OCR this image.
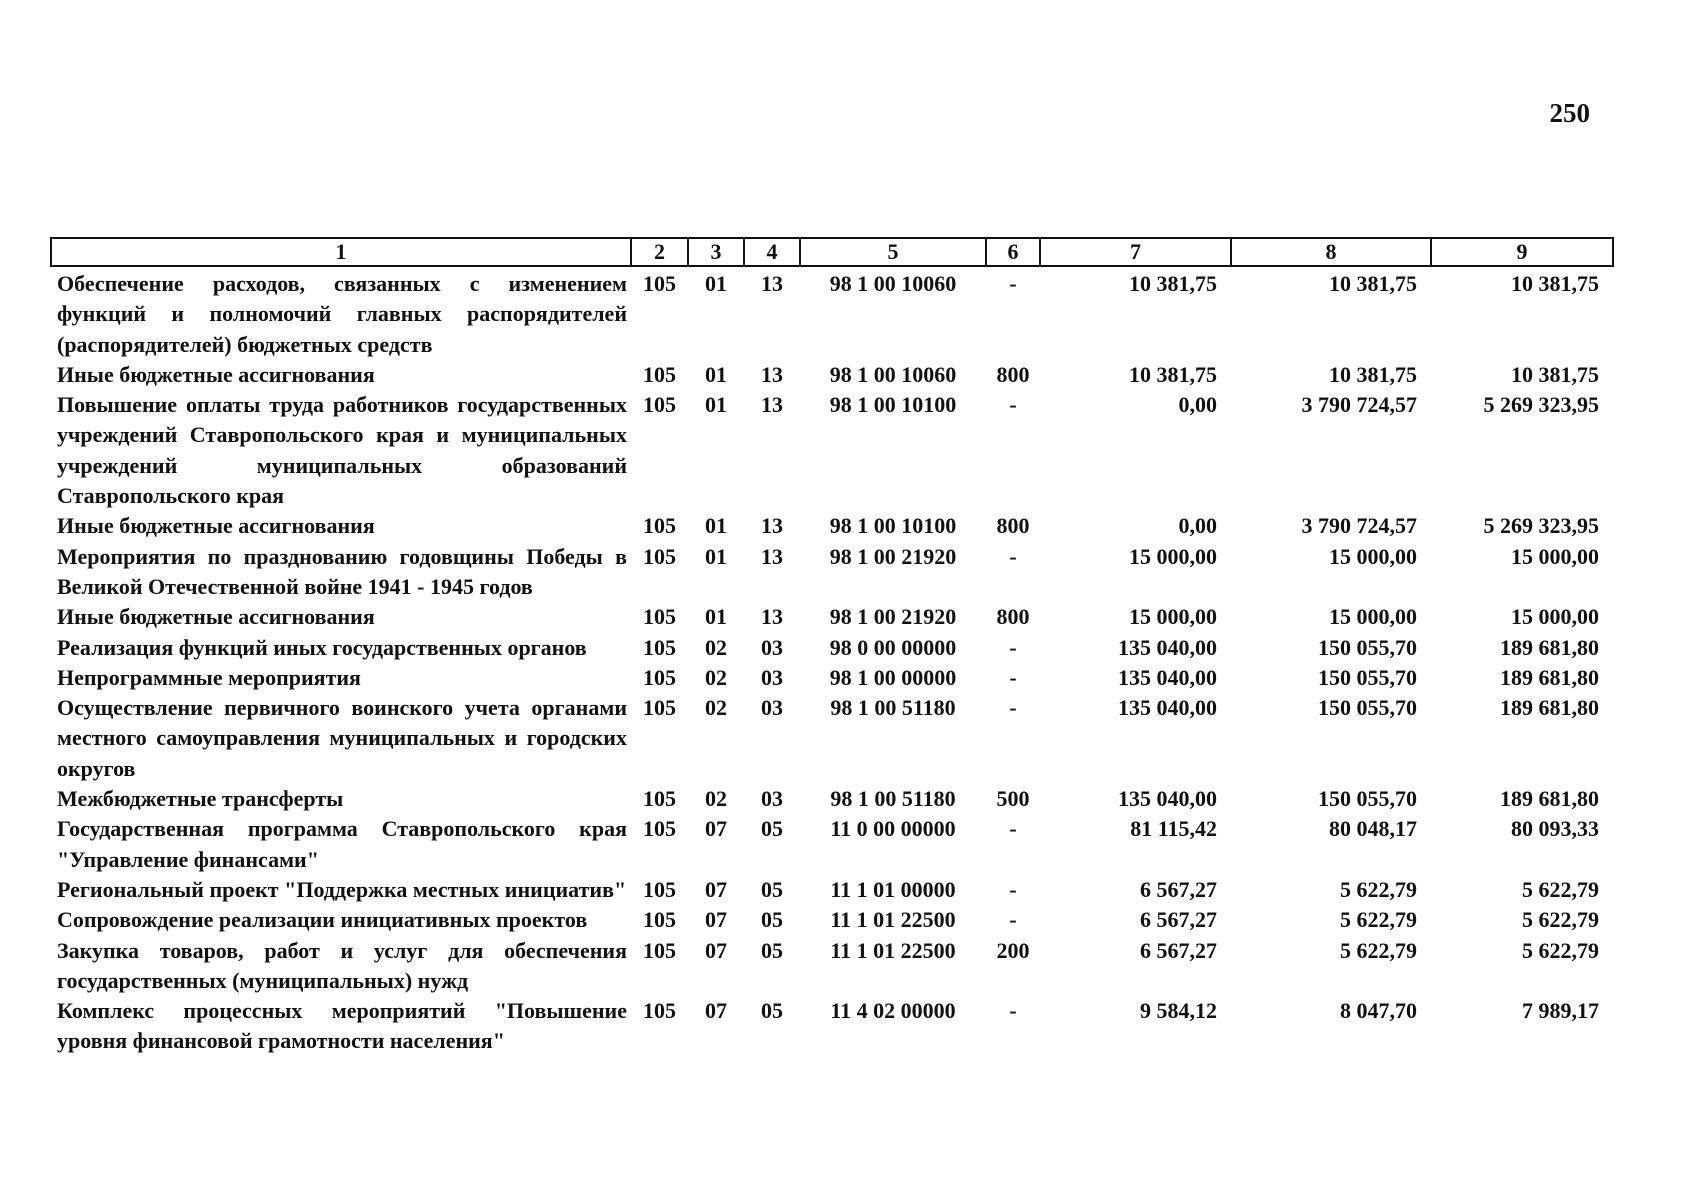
250
1	2	3	4	5	6	7	8	9
Обеспечение расходов, связанных с изменением функций и полномочий главных распорядителей (распорядителей) бюджетных средств	105	01	13	98 1 00 10060	-	10 381,75	10 381,75	10 381,75
Иные бюджетные ассигнования	105	01	13	98 1 00 10060	800	10 381,75	10 381,75	10 381,75
Повышение оплаты труда работников государственных учреждений Ставропольского края и муниципальных учреждений муниципальных образований Ставропольского края	105	01	13	98 1 00 10100	-	0,00	3 790 724,57	5 269 323,95
Иные бюджетные ассигнования	105	01	13	98 1 00 10100	800	0,00	3 790 724,57	5 269 323,95
Мероприятия по празднованию годовщины Победы в Великой Отечественной войне 1941 - 1945 годов	105	01	13	98 1 00 21920	-	15 000,00	15 000,00	15 000,00
Иные бюджетные ассигнования	105	01	13	98 1 00 21920	800	15 000,00	15 000,00	15 000,00
Реализация функций иных государственных органов	105	02	03	98 0 00 00000	-	135 040,00	150 055,70	189 681,80
Непрограммные мероприятия	105	02	03	98 1 00 00000	-	135 040,00	150 055,70	189 681,80
Осуществление первичного воинского учета органами местного самоуправления муниципальных и городских округов	105	02	03	98 1 00 51180	-	135 040,00	150 055,70	189 681,80
Межбюджетные трансферты	105	02	03	98 1 00 51180	500	135 040,00	150 055,70	189 681,80
Государственная программа Ставропольского края "Управление финансами"	105	07	05	11 0 00 00000	-	81 115,42	80 048,17	80 093,33
Региональный проект "Поддержка местных инициатив"	105	07	05	11 1 01 00000	-	6 567,27	5 622,79	5 622,79
Сопровождение реализации инициативных проектов	105	07	05	11 1 01 22500	-	6 567,27	5 622,79	5 622,79
Закупка товаров, работ и услуг для обеспечения государственных (муниципальных) нужд	105	07	05	11 1 01 22500	200	6 567,27	5 622,79	5 622,79
Комплекс процессных мероприятий "Повышение уровня финансовой грамотности населения"	105	07	05	11 4 02 00000	-	9 584,12	8 047,70	7 989,17
